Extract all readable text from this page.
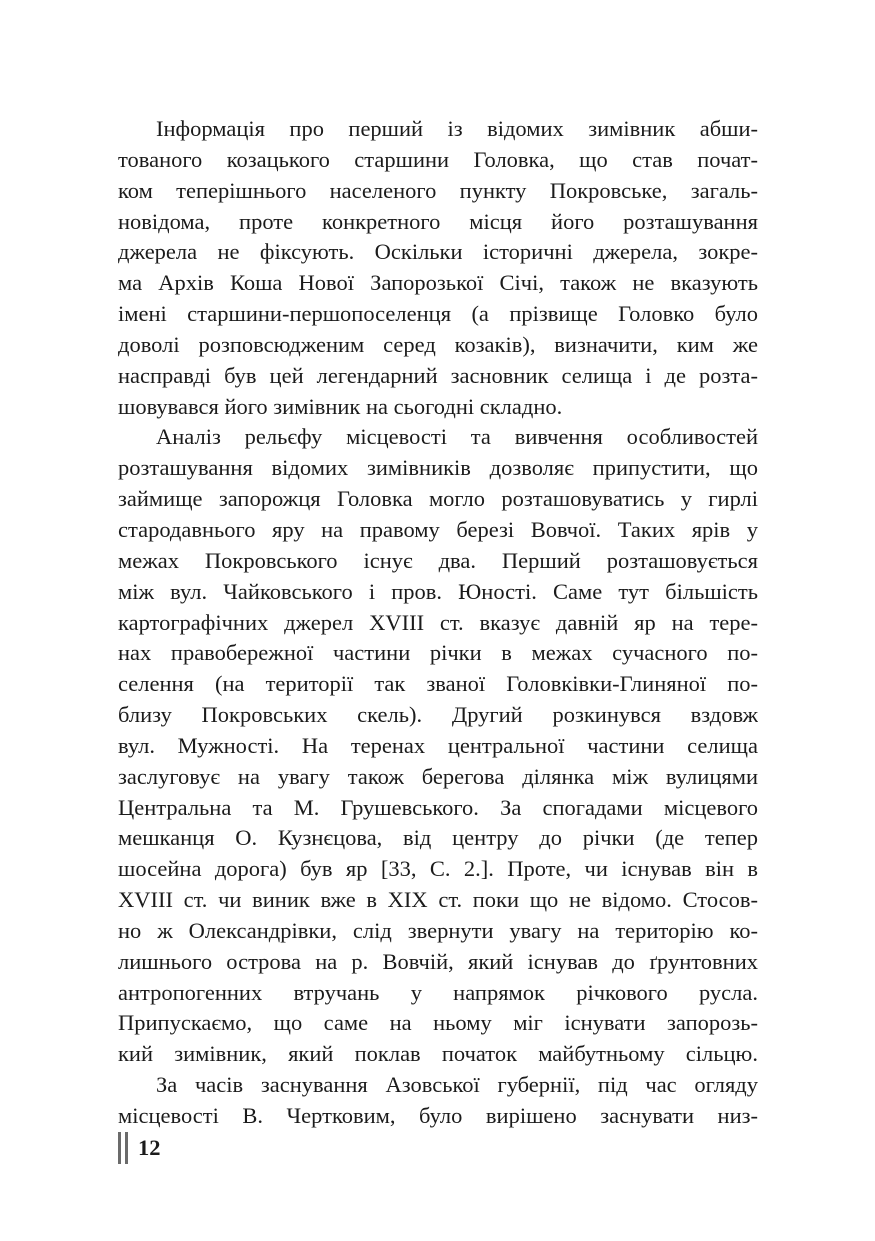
Інформація про перший із відомих зимівник абши-
тованого козацького старшини Головка, що став почат-
ком теперішнього населеного пункту Покровське, загаль-
новідома, проте конкретного місця його розташування
джерела не фіксують. Оскільки історичні джерела, зокре-
ма Архів Коша Нової Запорозької Січі, також не вказують
імені старшини-першопоселенця (а прізвище Головко було
доволі розповсюдженим серед козаків), визначити, ким же
насправді був цей легендарний засновник селища і де розта-
шовувався його зимівник на сьогодні складно.
Аналіз рельєфу місцевості та вивчення особливостей
розташування відомих зимівників дозволяє припустити, що
займище запорожця Головка могло розташовуватись у гирлі
стародавнього яру на правому березі Вовчої. Таких ярів у
межах Покровського існує два. Перший розташовується
між вул. Чайковського і пров. Юності. Саме тут більшість
картографічних джерел XVIII ст. вказує давній яр на тере-
нах правобережної частини річки в межах сучасного по-
селення (на території так званої Головківки-Глиняної по-
близу Покровських скель). Другий розкинувся вздовж
вул. Мужності. На теренах центральної частини селища
заслуговує на увагу також берегова ділянка між вулицями
Центральна та М. Грушевського. За спогадами місцевого
мешканця О. Кузнєцова, від центру до річки (де тепер
шосейна дорога) був яр [33, С. 2.]. Проте, чи існував він в
XVIII ст. чи виник вже в XIX ст. поки що не відомо. Стосов-
но ж Олександрівки, слід звернути увагу на територію ко-
лишнього острова на р. Вовчій, який існував до ґрунтовних
антропогенних втручань у напрямок річкового русла.
Припускаємо, що саме на ньому міг існувати запорозь-
кий зимівник, який поклав початок майбутньому сільцю.
За часів заснування Азовської губернії, під час огляду
місцевості В. Чертковим, було вирішено заснувати низ-
12
